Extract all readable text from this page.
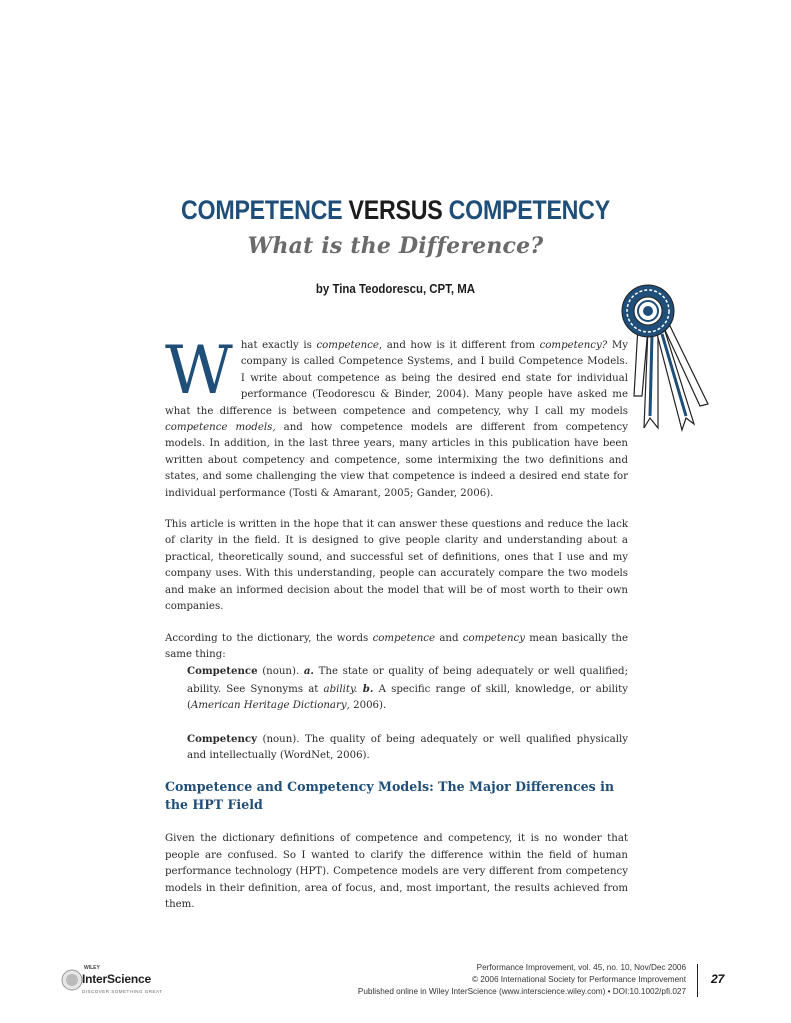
COMPETENCE VERSUS COMPETENCY
What is the Difference?
by Tina Teodorescu, CPT, MA

What exactly is competence, and how is it different from competency? My company is called Competence Systems, and I build Competence Models. I write about competence as being the desired end state for individual performance (Teodorescu & Binder, 2004). Many people have asked me what the difference is between competence and competency, why I call my models competence models, and how competence models are different from competency models. In addition, in the last three years, many articles in this publication have been written about competency and competence, some intermixing the two definitions and states, and some challenging the view that competence is indeed a desired end state for individual performance (Tosti & Amarant, 2005; Gander, 2006).

This article is written in the hope that it can answer these questions and reduce the lack of clarity in the field. It is designed to give people clarity and understanding about a practical, theoretically sound, and successful set of definitions, ones that I use and my company uses. With this understanding, people can accurately compare the two models and make an informed decision about the model that will be of most worth to their own companies.

According to the dictionary, the words competence and competency mean basically the same thing:

Competence (noun). a. The state or quality of being adequately or well qualified; ability. See Synonyms at ability. b. A specific range of skill, knowledge, or ability (American Heritage Dictionary, 2006).

Competency (noun). The quality of being adequately or well qualified physically and intellectually (WordNet, 2006).

Competence and Competency Models: The Major Differences in the HPT Field

Given the dictionary definitions of competence and competency, it is no wonder that people are confused. So I wanted to clarify the difference within the field of human performance technology (HPT). Competence models are very different from competency models in their definition, area of focus, and, most important, the results achieved from them.

WILEY
InterScience
DISCOVER SOMETHING GREAT
Performance Improvement, vol. 45, no. 10, Nov/Dec 2006
© 2006 International Society for Performance Improvement
Published online in Wiley InterScience (www.interscience.wiley.com) • DOI:10.1002/pfi.027
27
